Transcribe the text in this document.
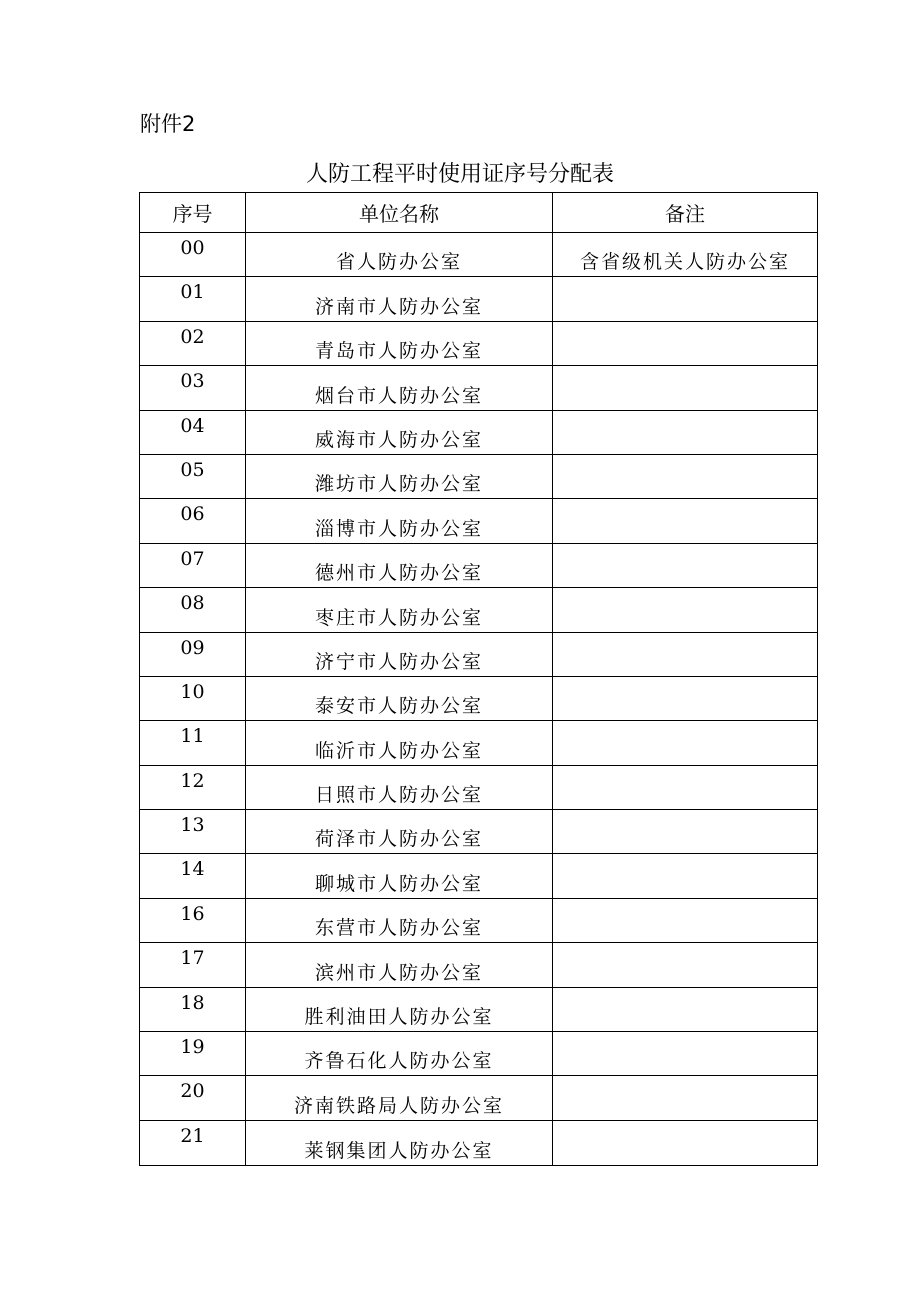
附件2
人防工程平时使用证序号分配表
序号	单位名称	备注
00	省人防办公室	含省级机关人防办公室
01	济南市人防办公室	
02	青岛市人防办公室	
03	烟台市人防办公室	
04	威海市人防办公室	
05	潍坊市人防办公室	
06	淄博市人防办公室	
07	德州市人防办公室	
08	枣庄市人防办公室	
09	济宁市人防办公室	
10	泰安市人防办公室	
11	临沂市人防办公室	
12	日照市人防办公室	
13	荷泽市人防办公室	
14	聊城市人防办公室	
16	东营市人防办公室	
17	滨州市人防办公室	
18	胜利油田人防办公室	
19	齐鲁石化人防办公室	
20	济南铁路局人防办公室	
21	莱钢集团人防办公室	
